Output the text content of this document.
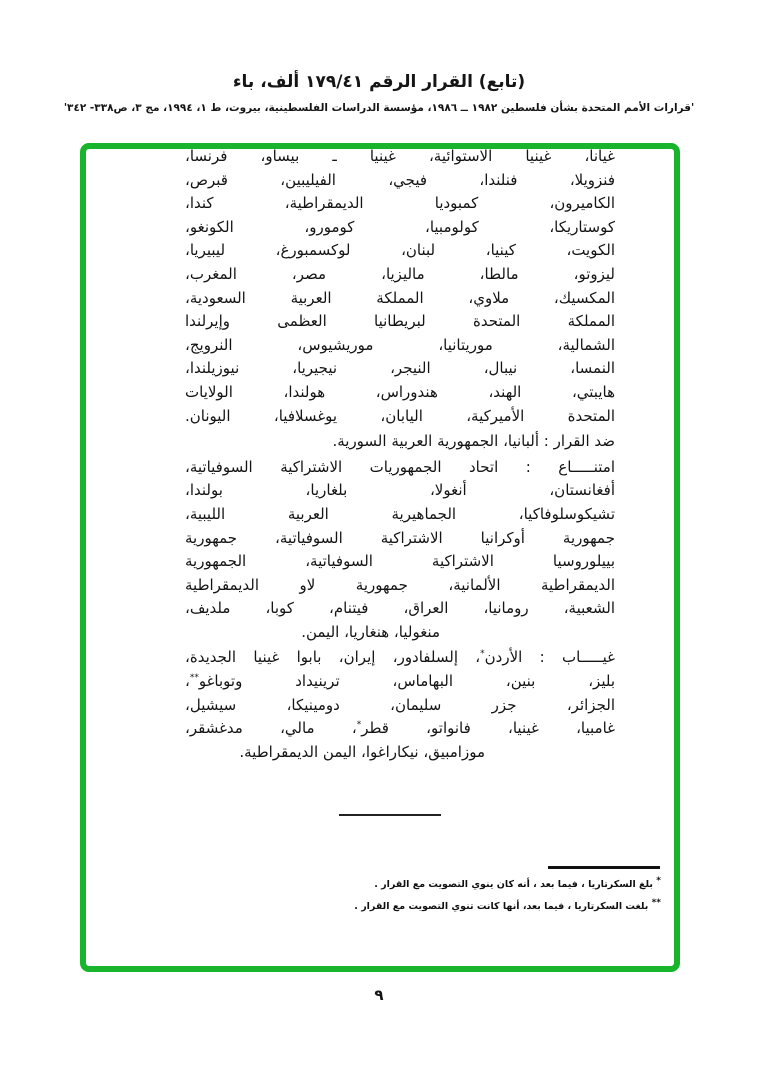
(تابع) القرار الرقم ١٧٩/٤١ ألف، باء
'قرارات الأمم المتحدة بشأن فلسطين ١٩٨٢ ــ ١٩٨٦، مؤسسة الدراسات الفلسطينية، بيروت، ط ١، ١٩٩٤، مج ٣، ص٣٣٨- ٣٤٢'
غيانا، غينيا الاستوائية، غينيا ـ بيساو، فرنسا،
فنزويلا، فنلندا، فيجي، الفيليبين، قبرص،
الكاميرون، كمبوديا الديمقراطية، كندا،
كوستاريكا، كولومبيا، كومورو، الكونغو،
الكويت، كينيا، لبنان، لوكسمبورغ، ليبيريا،
ليزوتو، مالطا، ماليزيا، مصر، المغرب،
المكسيك، ملاوي، المملكة العربية السعودية،
المملكة المتحدة لبريطانيا العظمى وإيرلندا
الشمالية، موريتانيا، موريشيوس، النرويج،
النمسا، نيبال، النيجر، نيجيريا، نيوزيلندا،
هايبتي، الهند، هندوراس، هولندا، الولايات
المتحدة الأميركية، اليابان، يوغسلافيا، اليونان.
ضد القرار : ألبانيا، الجمهورية العربية السورية.
امتنـــــاع : اتحاد الجمهوريات الاشتراكية السوفياتية،
أفغانستان، أنغولا، بلغاريا، بولندا،
تشيكوسلوفاكيا، الجماهيرية العربية الليبية،
جمهورية أوكرانيا الاشتراكية السوفياتية، جمهورية
بييلوروسيا الاشتراكية السوفياتية، الجمهورية
الديمقراطية الألمانية، جمهورية لاو الديمقراطية
الشعبية، رومانيا، العراق، فيتنام، كوبا، ملديف،
منغوليا، هنغاريا، اليمن.
غيـــــاب : الأردن*، إلسلفادور، إيران، بابوا غينيا الجديدة،
بليز، بنين، البهاماس، ترينيداد وتوباغو**،
الجزائر، جزر سليمان، دومينيكا، سيشيل،
غامبيا، غينيا، فانواتو، قطر*، مالي، مدغشقر،
موزامبيق، نيكاراغوا، اليمن الديمقراطية.
* بلغ السكرتاريا ، فيما بعد ، أنه كان ينوي التصويت مع القرار .
** بلغت السكرتاريا ، فيما بعد، أنها كانت تنوي التصويت مع القرار .
٩
